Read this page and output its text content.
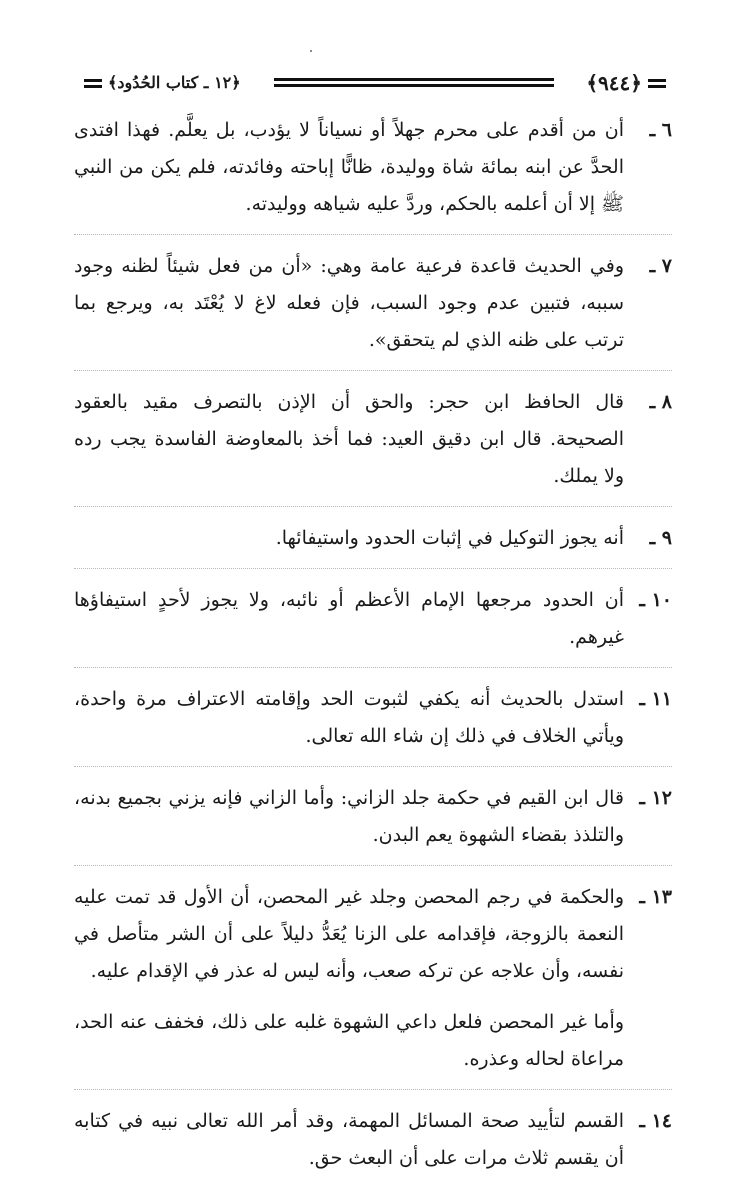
﴿٩٤٤﴾
﴿١٢ ـ كتاب الحُدُود﴾
٦ ـ

أن من أقدم على محرم جهلاً أو نسياناً لا يؤدب، بل يعلَّم. فهذا افتدى الحدَّ عن ابنه بمائة شاة ووليدة، ظانًّا إباحته وفائدته، فلم يكن من النبي ﷺ إلا أن أعلمه بالحكم، وردَّ عليه شياهه ووليدته.

٧ ـ

وفي الحديث قاعدة فرعية عامة وهي: «أن من فعل شيئاً لظنه وجود سببه، فتبين عدم وجود السبب، فإن فعله لاغ لا يُعْتَد به، ويرجع بما ترتب على ظنه الذي لم يتحقق».

٨ ـ

قال الحافظ ابن حجر: والحق أن الإذن بالتصرف مقيد بالعقود الصحيحة. قال ابن دقيق العيد: فما أخذ بالمعاوضة الفاسدة يجب رده ولا يملك.

٩ ـ

أنه يجوز التوكيل في إثبات الحدود واستيفائها.

١٠ ـ

أن الحدود مرجعها الإمام الأعظم أو نائبه، ولا يجوز لأحدٍ استيفاؤها غيرهم.

١١ ـ

استدل بالحديث أنه يكفي لثبوت الحد وإقامته الاعتراف مرة واحدة، ويأتي الخلاف في ذلك إن شاء الله تعالى.

١٢ ـ

قال ابن القيم في حكمة جلد الزاني: وأما الزاني فإنه يزني بجميع بدنه، والتلذذ بقضاء الشهوة يعم البدن.

١٣ ـ

والحكمة في رجم المحصن وجلد غير المحصن، أن الأول قد تمت عليه النعمة بالزوجة، فإقدامه على الزنا يُعَدُّ دليلاً على أن الشر متأصل في نفسه، وأن علاجه عن تركه صعب، وأنه ليس له عذر في الإقدام عليه.

وأما غير المحصن فلعل داعي الشهوة غلبه على ذلك، فخفف عنه الحد، مراعاة لحاله وعذره.

١٤ ـ

القسم لتأييد صحة المسائل المهمة، وقد أمر الله تعالى نبيه في كتابه أن يقسم ثلاث مرات على أن البعث حق.
